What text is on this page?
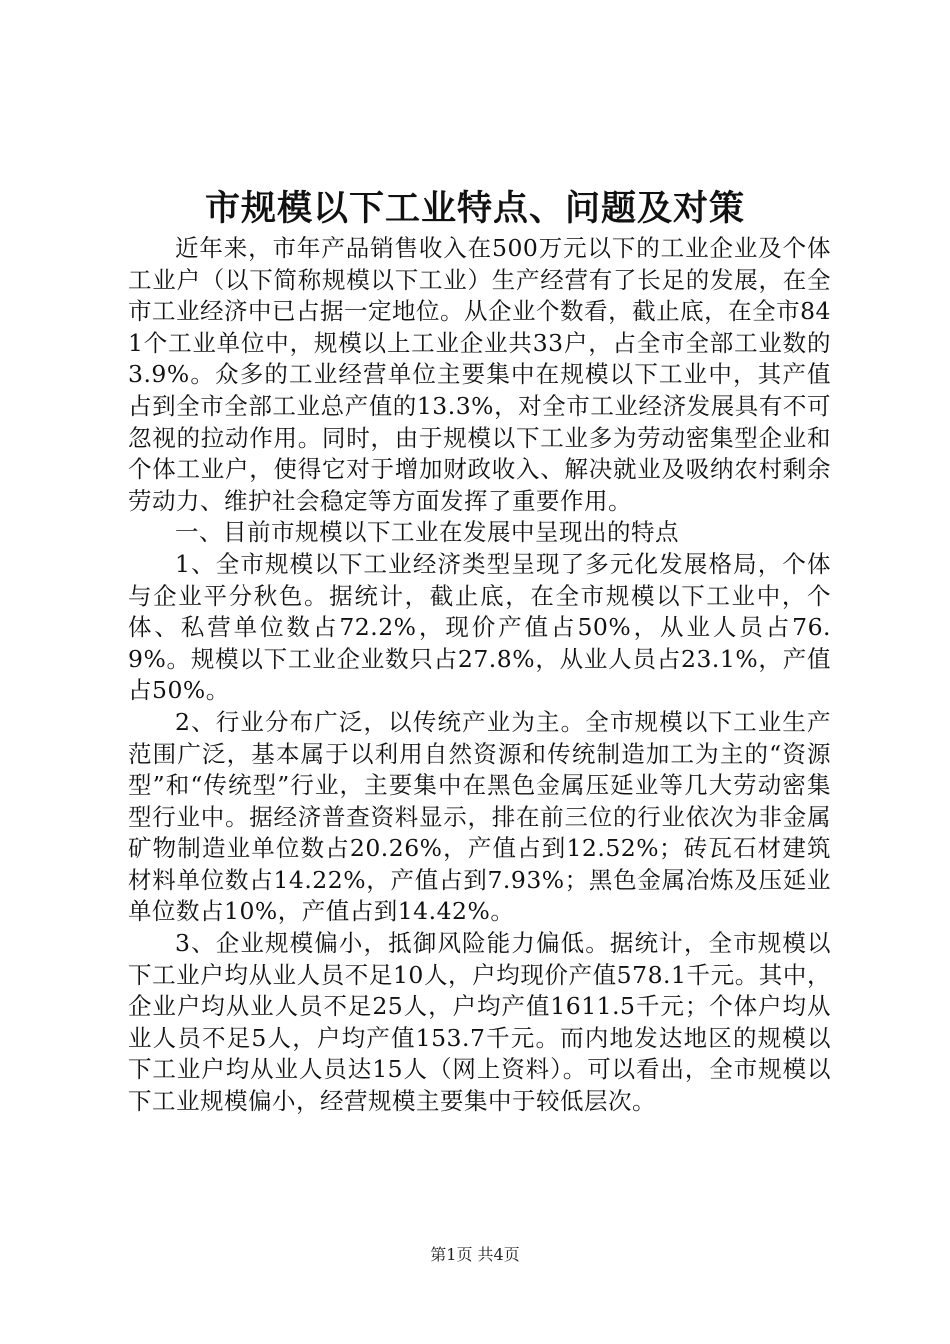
市规模以下工业特点、问题及对策

近年来，市年产品销售收入在500万元以下的工业企业及个体工业户（以下简称规模以下工业）生产经营有了长足的发展，在全市工业经济中已占据一定地位。从企业个数看，截止底，在全市841个工业单位中，规模以上工业企业共33户，占全市全部工业数的3.9%。众多的工业经营单位主要集中在规模以下工业中，其产值占到全市全部工业总产值的13.3%，对全市工业经济发展具有不可忽视的拉动作用。同时，由于规模以下工业多为劳动密集型企业和个体工业户，使得它对于增加财政收入、解决就业及吸纳农村剩余劳动力、维护社会稳定等方面发挥了重要作用。

一、目前市规模以下工业在发展中呈现出的特点

1、全市规模以下工业经济类型呈现了多元化发展格局，个体与企业平分秋色。据统计，截止底，在全市规模以下工业中，个体、私营单位数占72.2%，现价产值占50%，从业人员占76.9%。规模以下工业企业数只占27.8%，从业人员占23.1%，产值占50%。

2、行业分布广泛，以传统产业为主。全市规模以下工业生产范围广泛，基本属于以利用自然资源和传统制造加工为主的“资源型”和“传统型”行业，主要集中在黑色金属压延业等几大劳动密集型行业中。据经济普查资料显示，排在前三位的行业依次为非金属矿物制造业单位数占20.26%，产值占到12.52%；砖瓦石材建筑材料单位数占14.22%，产值占到7.93%；黑色金属冶炼及压延业单位数占10%，产值占到14.42%。

3、企业规模偏小，抵御风险能力偏低。据统计，全市规模以下工业户均从业人员不足10人，户均现价产值578.1千元。其中，企业户均从业人员不足25人，户均产值1611.5千元；个体户均从业人员不足5人，户均产值153.7千元。而内地发达地区的规模以下工业户均从业人员达15人（网上资料）。可以看出，全市规模以下工业规模偏小，经营规模主要集中于较低层次。

第1页 共4页
